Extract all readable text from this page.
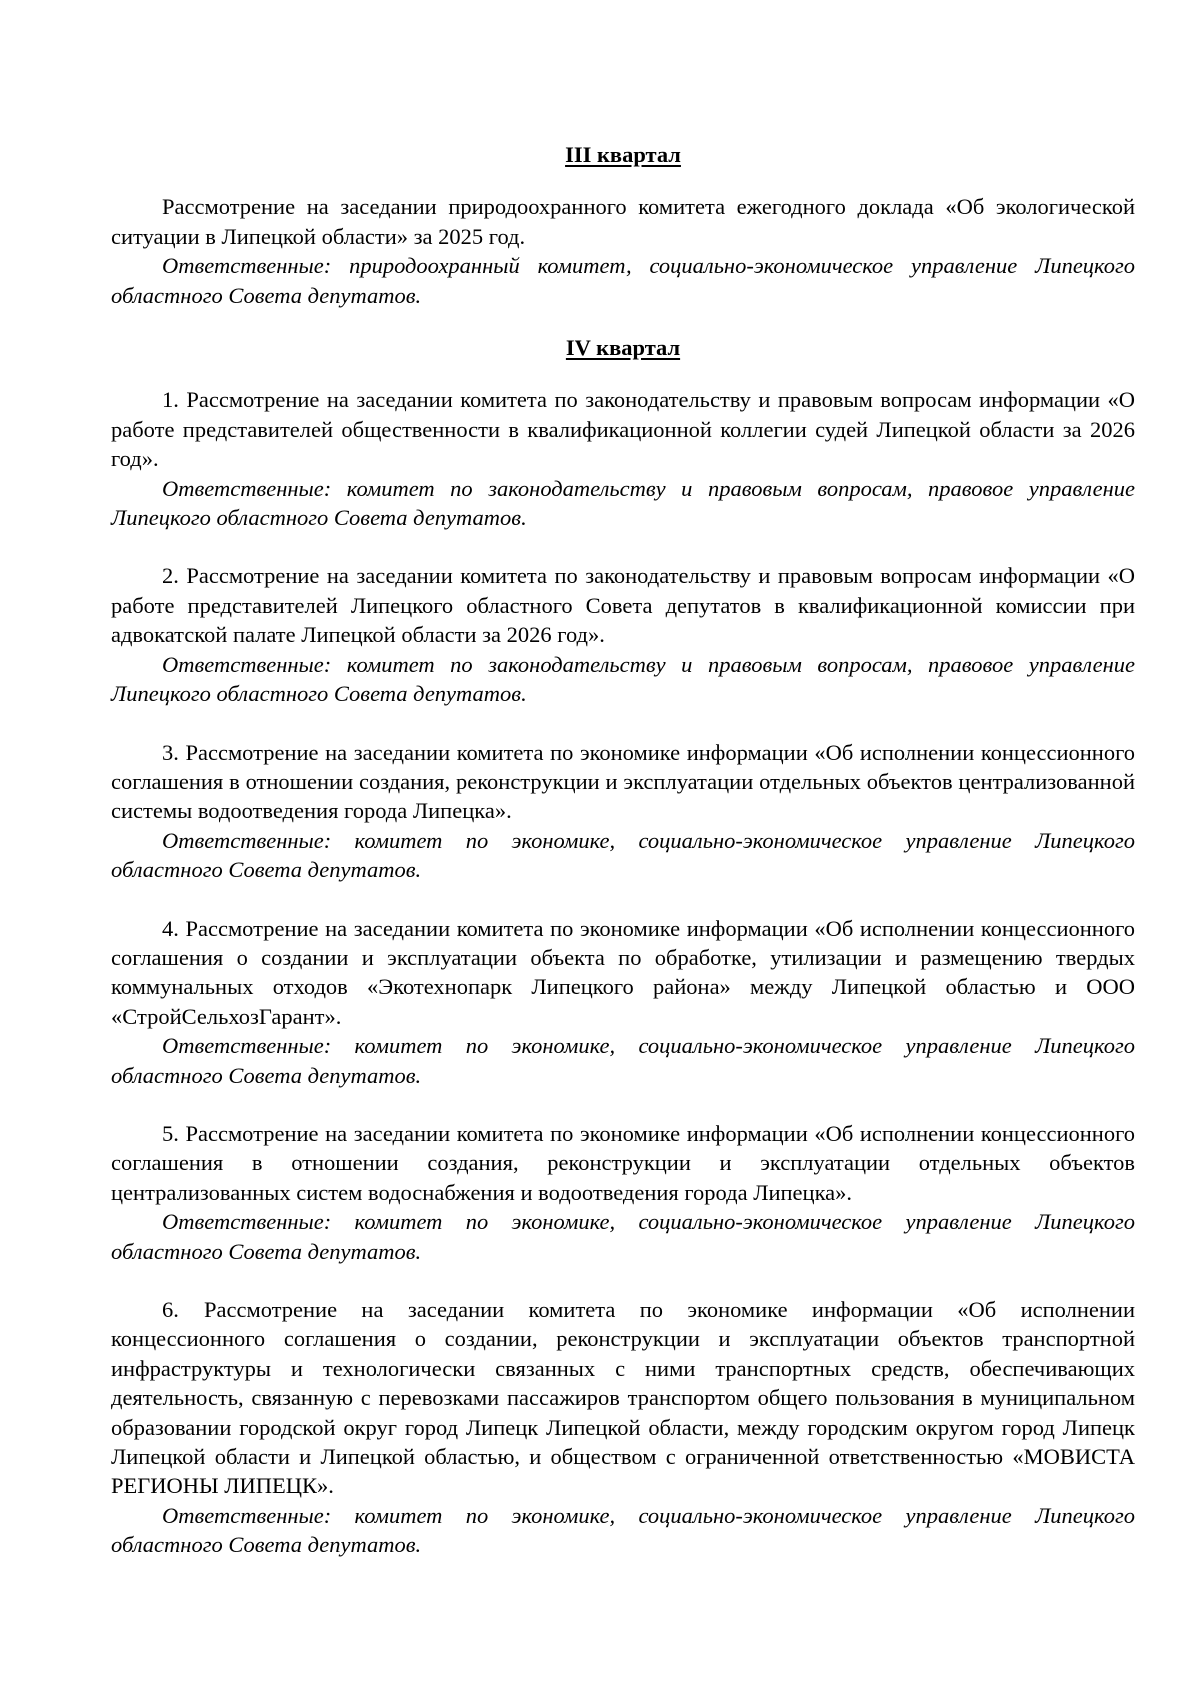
III квартал

Рассмотрение на заседании природоохранного комитета ежегодного доклада «Об экологической ситуации в Липецкой области» за 2025 год.

Ответственные: природоохранный комитет, социально-экономическое управление Липецкого областного Совета депутатов.

IV квартал

1. Рассмотрение на заседании комитета по законодательству и правовым вопросам информации «О работе представителей общественности в квалификационной коллегии судей Липецкой области за 2026 год».

Ответственные: комитет по законодательству и правовым вопросам, правовое управление Липецкого областного Совета депутатов.

2. Рассмотрение на заседании комитета по законодательству и правовым вопросам информации «О работе представителей Липецкого областного Совета депутатов в квалификационной комиссии при адвокатской палате Липецкой области за 2026 год».

Ответственные: комитет по законодательству и правовым вопросам, правовое управление Липецкого областного Совета депутатов.

3. Рассмотрение на заседании комитета по экономике информации «Об исполнении концессионного соглашения в отношении создания, реконструкции и эксплуатации отдельных объектов централизованной системы водоотведения города Липецка».

Ответственные: комитет по экономике, социально-экономическое управление Липецкого областного Совета депутатов.

4. Рассмотрение на заседании комитета по экономике информации «Об исполнении концессионного соглашения о создании и эксплуатации объекта по обработке, утилизации и размещению твердых коммунальных отходов «Экотехнопарк Липецкого района» между Липецкой областью и ООО «СтройСельхозГарант».

Ответственные: комитет по экономике, социально-экономическое управление Липецкого областного Совета депутатов.

5. Рассмотрение на заседании комитета по экономике информации «Об исполнении концессионного соглашения в отношении создания, реконструкции и эксплуатации отдельных объектов централизованных систем водоснабжения и водоотведения города Липецка».

Ответственные: комитет по экономике, социально-экономическое управление Липецкого областного Совета депутатов.

6. Рассмотрение на заседании комитета по экономике информации «Об исполнении концессионного соглашения о создании, реконструкции и эксплуатации объектов транспортной инфраструктуры и технологически связанных с ними транспортных средств, обеспечивающих деятельность, связанную с перевозками пассажиров транспортом общего пользования в муниципальном образовании городской округ город Липецк Липецкой области, между городским округом город Липецк Липецкой области и Липецкой областью, и обществом с ограниченной ответственностью «МОВИСТА РЕГИОНЫ ЛИПЕЦК».

Ответственные: комитет по экономике, социально-экономическое управление Липецкого областного Совета депутатов.
